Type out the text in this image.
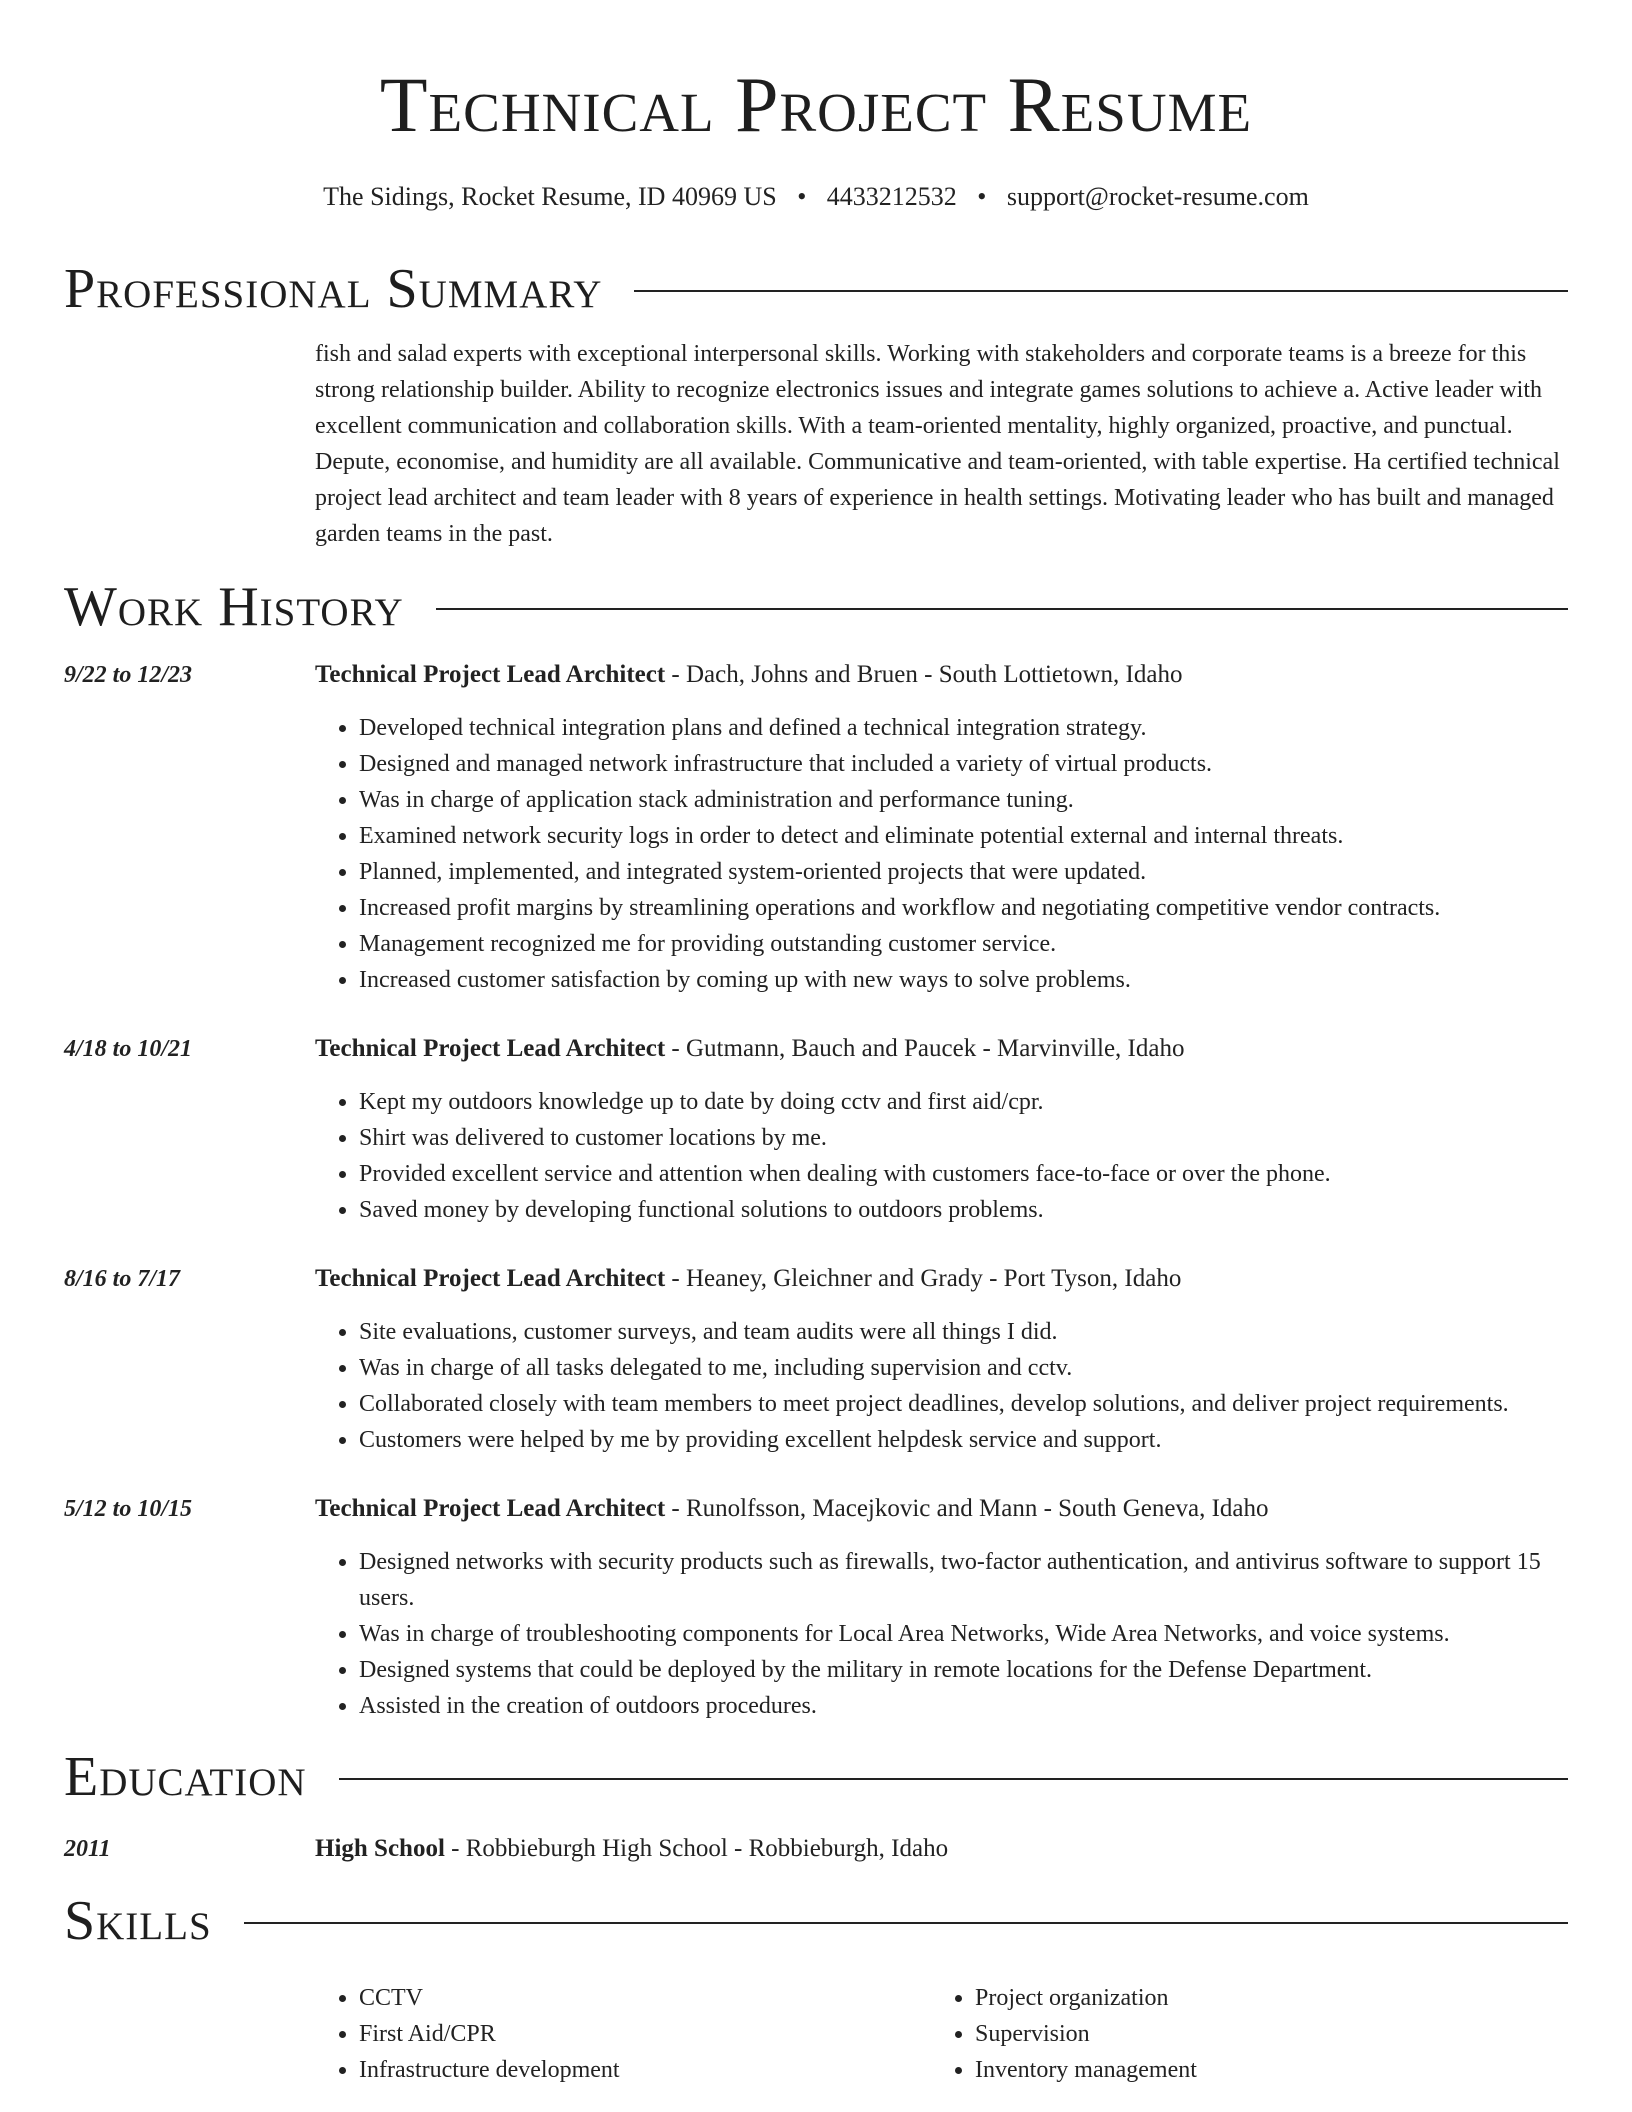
Technical Project Resume
The Sidings, Rocket Resume, ID 40969 US • 4433212532 • support@rocket-resume.com
Professional Summary
fish and salad experts with exceptional interpersonal skills. Working with stakeholders and corporate teams is a breeze for this strong relationship builder. Ability to recognize electronics issues and integrate games solutions to achieve a. Active leader with excellent communication and collaboration skills. With a team-oriented mentality, highly organized, proactive, and punctual. Depute, economise, and humidity are all available. Communicative and team-oriented, with table expertise. Ha certified technical project lead architect and team leader with 8 years of experience in health settings. Motivating leader who has built and managed garden teams in the past.
Work History
9/22 to 12/23	Technical Project Lead Architect - Dach, Johns and Bruen - South Lottietown, Idaho
• Developed technical integration plans and defined a technical integration strategy.
• Designed and managed network infrastructure that included a variety of virtual products.
• Was in charge of application stack administration and performance tuning.
• Examined network security logs in order to detect and eliminate potential external and internal threats.
• Planned, implemented, and integrated system-oriented projects that were updated.
• Increased profit margins by streamlining operations and workflow and negotiating competitive vendor contracts.
• Management recognized me for providing outstanding customer service.
• Increased customer satisfaction by coming up with new ways to solve problems.
4/18 to 10/21	Technical Project Lead Architect - Gutmann, Bauch and Paucek - Marvinville, Idaho
• Kept my outdoors knowledge up to date by doing cctv and first aid/cpr.
• Shirt was delivered to customer locations by me.
• Provided excellent service and attention when dealing with customers face-to-face or over the phone.
• Saved money by developing functional solutions to outdoors problems.
8/16 to 7/17	Technical Project Lead Architect - Heaney, Gleichner and Grady - Port Tyson, Idaho
• Site evaluations, customer surveys, and team audits were all things I did.
• Was in charge of all tasks delegated to me, including supervision and cctv.
• Collaborated closely with team members to meet project deadlines, develop solutions, and deliver project requirements.
• Customers were helped by me by providing excellent helpdesk service and support.
5/12 to 10/15	Technical Project Lead Architect - Runolfsson, Macejkovic and Mann - South Geneva, Idaho
• Designed networks with security products such as firewalls, two-factor authentication, and antivirus software to support 15 users.
• Was in charge of troubleshooting components for Local Area Networks, Wide Area Networks, and voice systems.
• Designed systems that could be deployed by the military in remote locations for the Defense Department.
• Assisted in the creation of outdoors procedures.
Education
2011	High School - Robbieburgh High School - Robbieburgh, Idaho
Skills
• CCTV
• First Aid/CPR
• Infrastructure development
• Project organization
• Supervision
• Inventory management
